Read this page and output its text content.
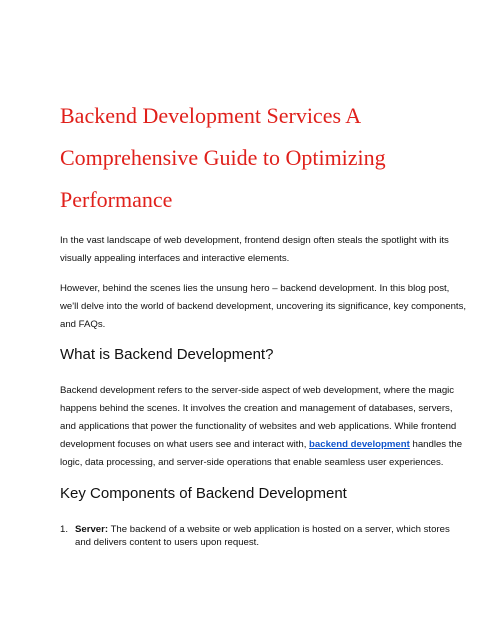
Backend Development Services A
Comprehensive Guide to Optimizing
Performance

In the vast landscape of web development, frontend design often steals the spotlight with its
visually appealing interfaces and interactive elements.

However, behind the scenes lies the unsung hero – backend development. In this blog post,
we'll delve into the world of backend development, uncovering its significance, key components,
and FAQs.

What is Backend Development?

Backend development refers to the server-side aspect of web development, where the magic
happens behind the scenes. It involves the creation and management of databases, servers,
and applications that power the functionality of websites and web applications. While frontend
development focuses on what users see and interact with, backend development handles the
logic, data processing, and server-side operations that enable seamless user experiences.

Key Components of Backend Development
1. Server: The backend of a website or web application is hosted on a server, which stores
and delivers content to users upon request.
